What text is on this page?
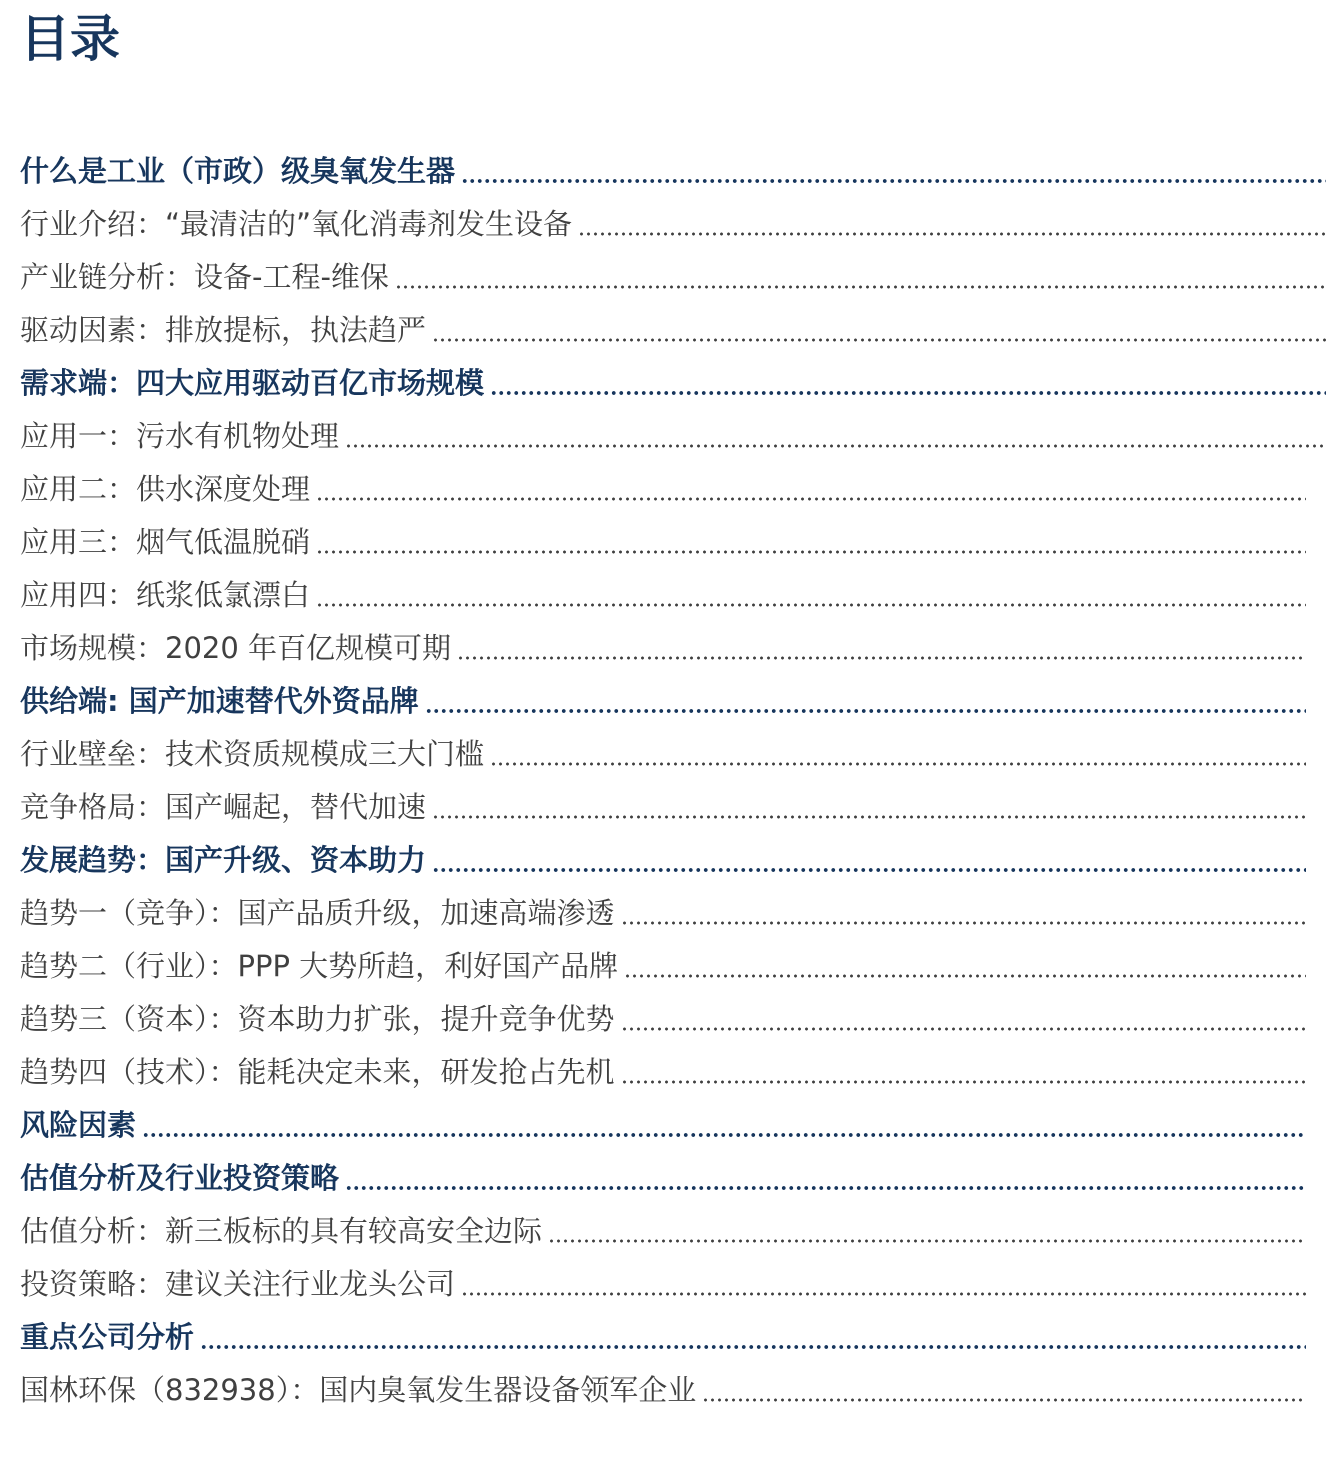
目录
什么是工业（市政）级臭氧发生器
行业介绍：“最清洁的”氧化消毒剂发生设备
产业链分析：设备-工程-维保
驱动因素：排放提标，执法趋严
需求端：四大应用驱动百亿市场规模
应用一：污水有机物处理
应用二：供水深度处理
应用三：烟气低温脱硝
应用四：纸浆低氯漂白
市场规模：2020 年百亿规模可期
供给端: 国产加速替代外资品牌
行业壁垒：技术资质规模成三大门槛
竞争格局：国产崛起，替代加速
发展趋势：国产升级、资本助力
趋势一（竞争）：国产品质升级，加速高端渗透
趋势二（行业）：PPP 大势所趋，利好国产品牌
趋势三（资本）：资本助力扩张，提升竞争优势
趋势四（技术）：能耗决定未来，研发抢占先机
风险因素
估值分析及行业投资策略
估值分析：新三板标的具有较高安全边际
投资策略：建议关注行业龙头公司
重点公司分析
国林环保（832938）：国内臭氧发生器设备领军企业
